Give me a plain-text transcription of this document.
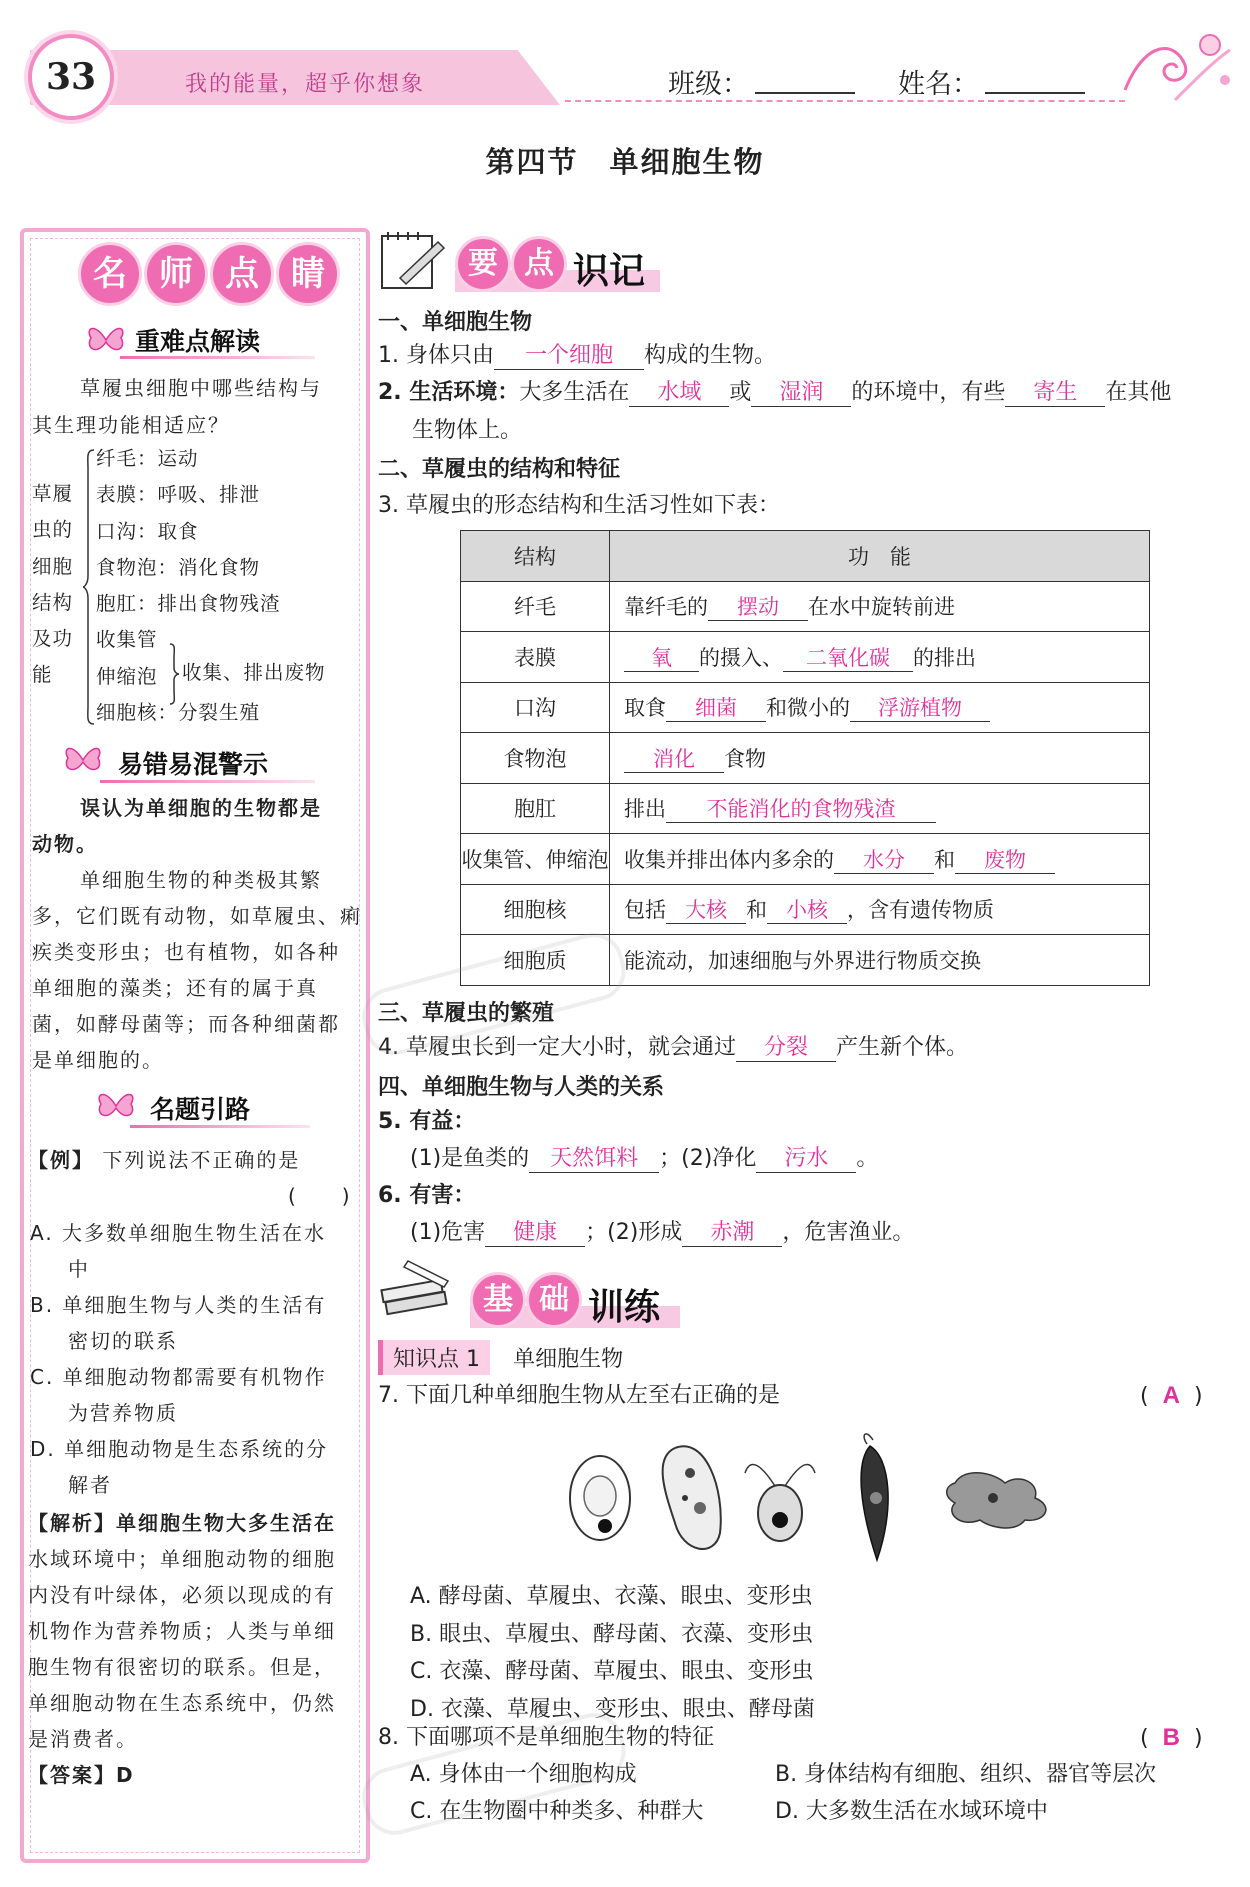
33	我的能量，超乎你想象	班级：	姓名：
第四节　单细胞生物
名 师 点 睛
重难点解读
草履虫细胞中哪些结构与
其生理功能相适应？
草履
虫的
细胞
结构
及功
能
纤毛：运动
表膜：呼吸、排泄
口沟：取食
食物泡：消化食物
胞肛：排出食物残渣
收集管
伸缩泡
细胞核：分裂生殖
收集、排出废物
易错易混警示
误认为单细胞的生物都是
动物。
单细胞生物的种类极其繁
多，它们既有动物，如草履虫、痢
疾类变形虫；也有植物，如各种
单细胞的藻类；还有的属于真
菌，如酵母菌等；而各种细菌都
是单细胞的。
名题引路
【例】 下列说法不正确的是
(　　)
A. 大多数单细胞生物生活在水
中
B. 单细胞生物与人类的生活有
密切的联系
C. 单细胞动物都需要有机物作
为营养物质
D. 单细胞动物是生态系统的分
解者
【解析】单细胞生物大多生活在
水域环境中；单细胞动物的细胞
内没有叶绿体，必须以现成的有
机物作为营养物质；人类与单细
胞生物有很密切的联系。但是，
单细胞动物在生态系统中，仍然
是消费者。
【答案】D
要 点 识记
一、单细胞生物
1. 身体只由 一个细胞 构成的生物。
2. 生活环境：大多生活在 水域 或 湿润 的环境中，有些 寄生 在其他
生物体上。
二、草履虫的结构和特征
3. 草履虫的形态结构和生活习性如下表：
结构	功　能
纤毛	靠纤毛的 摆动 在水中旋转前进
表膜	氧 的摄入、 二氧化碳 的排出
口沟	取食 细菌 和微小的 浮游植物
食物泡	消化 食物
胞肛	排出 不能消化的食物残渣
收集管、伸缩泡	收集并排出体内多余的 水分 和 废物
细胞核	包括 大核 和 小核 ，含有遗传物质
细胞质	能流动，加速细胞与外界进行物质交换
三、草履虫的繁殖
4. 草履虫长到一定大小时，就会通过 分裂 产生新个体。
四、单细胞生物与人类的关系
5. 有益：
(1)是鱼类的 天然饵料 ；(2)净化 污水 。
6. 有害：
(1)危害 健康 ；(2)形成 赤潮 ，危害渔业。
基 础 训练
知识点 1 单细胞生物
7. 下面几种单细胞生物从左至右正确的是	( A )
A. 酵母菌、草履虫、衣藻、眼虫、变形虫
B. 眼虫、草履虫、酵母菌、衣藻、变形虫
C. 衣藻、酵母菌、草履虫、眼虫、变形虫
D. 衣藻、草履虫、变形虫、眼虫、酵母菌
8. 下面哪项不是单细胞生物的特征	( B )
A. 身体由一个细胞构成	B. 身体结构有细胞、组织、器官等层次
C. 在生物圈中种类多、种群大	D. 大多数生活在水域环境中
